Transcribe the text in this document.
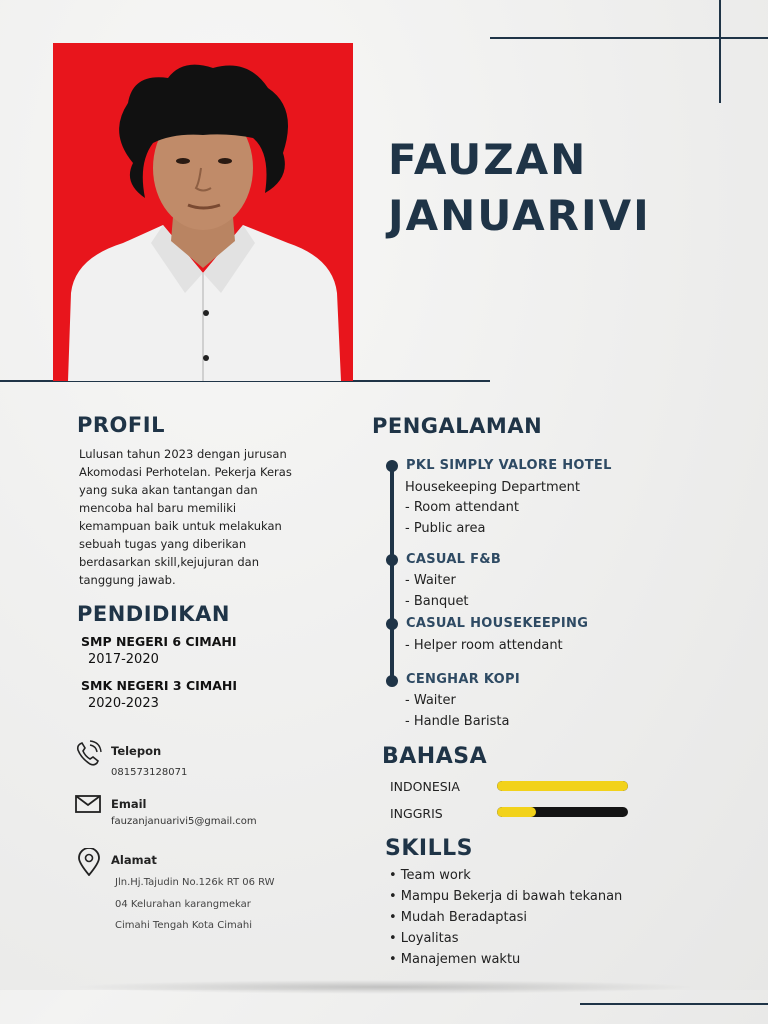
FAUZAN
JANUARIVI
PROFIL
Lulusan tahun 2023 dengan jurusan
Akomodasi Perhotelan. Pekerja Keras
yang suka akan tantangan dan
mencoba hal baru memiliki
kemampuan baik untuk melakukan
sebuah tugas yang diberikan
berdasarkan skill,kejujuran dan
tanggung jawab.
PENDIDIKAN
SMP NEGERI 6 CIMAHI
2017-2020
SMK NEGERI 3 CIMAHI
2020-2023
Telepon
081573128071
Email
fauzanjanuarivi5@gmail.com
Alamat
Jln.Hj.Tajudin No.126k RT 06 RW
04 Kelurahan karangmekar
Cimahi Tengah Kota Cimahi
PENGALAMAN
PKL SIMPLY VALORE HOTEL
Housekeeping Department
- Room attendant
- Public area
CASUAL F&B
- Waiter
- Banquet
CASUAL HOUSEKEEPING
- Helper room attendant
CENGHAR KOPI
- Waiter
- Handle Barista
BAHASA
INDONESIA
INGGRIS
SKILLS
• Team work
• Mampu Bekerja di bawah tekanan
• Mudah Beradaptasi
• Loyalitas
• Manajemen waktu
